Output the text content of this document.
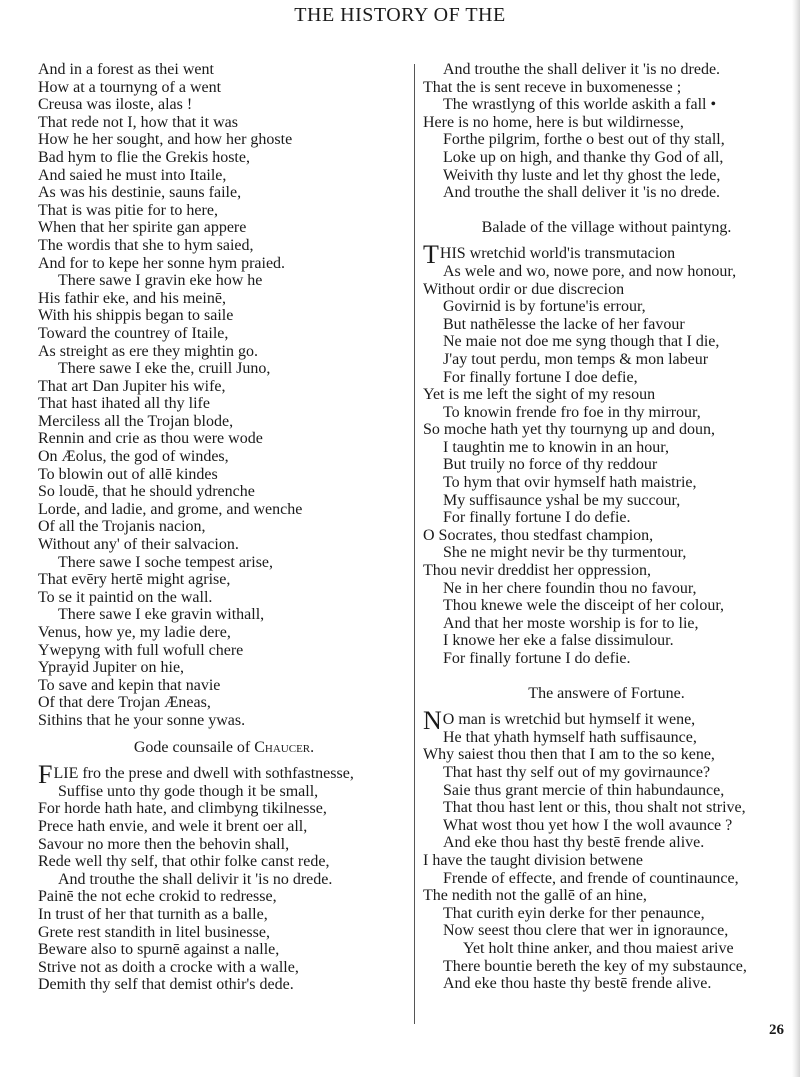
THE HISTORY OF THE
And in a forest as thei went
How at a tournyng of a went
Creusa was iloste, alas !
That rede not I, how that it was
How he her sought, and how her ghoste
Bad hym to flie the Grekis hoste,
And saied he must into Itaile,
As was his destinie, sauns faile,
That is was pitie for to here,
When that her spirite gan appere
The wordis that she to hym saied,
And for to kepe her sonne hym praied.
There sawe I gravin eke how he
His fathir eke, and his meinē,
With his shippis began to saile
Toward the countrey of Itaile,
As streight as ere they mightin go.
There sawe I eke the, cruill Juno,
That art Dan Jupiter his wife,
That hast ihated all thy life
Merciless all the Trojan blode,
Rennin and crie as thou were wode
On Æolus, the god of windes,
To blowin out of allē kindes
So loudē, that he should ydrenche
Lorde, and ladie, and grome, and wenche
Of all the Trojanis nacion,
Without any' of their salvacion.
There sawe I soche tempest arise,
That evēry hertē might agrise,
To se it paintid on the wall.
There sawe I eke gravin withall,
Venus, how ye, my ladie dere,
Ywepyng with full wofull chere
Yprayid Jupiter on hie,
To save and kepin that navie
Of that dere Trojan Æneas,
Sithins that he your sonne ywas.
Gode counsaile of Chaucer.
FLIE fro the prese and dwell with sothfastnesse,
Suffise unto thy gode though it be small,
For horde hath hate, and climbyng tikilnesse,
Prece hath envie, and wele it brent oer all,
Savour no more then the behovin shall,
Rede well thy self, that othir folke canst rede,
And trouthe the shall delivir it 'is no drede.
Painē the not eche crokid to redresse,
In trust of her that turnith as a balle,
Grete rest standith in litel businesse,
Beware also to spurnē against a nalle,
Strive not as doith a crocke with a walle,
Demith thy self that demist othir's dede.
And trouthe the shall deliver it 'is no drede.
That the is sent receve in buxomenesse ;
The wrastlyng of this worlde askith a fall •
Here is no home, here is but wildirnesse,
Forthe pilgrim, forthe o best out of thy stall,
Loke up on high, and thanke thy God of all,
Weivith thy luste and let thy ghost the lede,
And trouthe the shall deliver it 'is no drede.
Balade of the village without paintyng.
THIS wretchid world'is transmutacion
As wele and wo, nowe pore, and now honour,
Without ordir or due discrecion
Govirnid is by fortune'is errour,
But nathēlesse the lacke of her favour
Ne maie not doe me syng though that I die,
J'ay tout perdu, mon temps & mon labeur
For finally fortune I doe defie,
Yet is me left the sight of my resoun
To knowin frende fro foe in thy mirrour,
So moche hath yet thy tournyng up and doun,
I taughtin me to knowin in an hour,
But truily no force of thy reddour
To hym that ovir hymself hath maistrie,
My suffisaunce yshal be my succour,
For finally fortune I do defie.
O Socrates, thou stedfast champion,
She ne might nevir be thy turmentour,
Thou nevir dreddist her oppression,
Ne in her chere foundin thou no favour,
Thou knewe wele the disceipt of her colour,
And that her moste worship is for to lie,
I knowe her eke a false dissimulour.
For finally fortune I do defie.
The answere of Fortune.
NO man is wretchid but hymself it wene,
He that yhath hymself hath suffisaunce,
Why saiest thou then that I am to the so kene,
That hast thy self out of my govirnaunce?
Saie thus grant mercie of thin habundaunce,
That thou hast lent or this, thou shalt not strive,
What wost thou yet how I the woll avaunce ?
And eke thou hast thy bestē frende alive.
I have the taught division betwene
Frende of effecte, and frende of countinaunce,
The nedith not the gallē of an hine,
That curith eyin derke for ther penaunce,
Now seest thou clere that wer in ignoraunce,
Yet holt thine anker, and thou maiest arive
There bountie bereth the key of my substaunce,
And eke thou haste thy bestē frende alive.
26
